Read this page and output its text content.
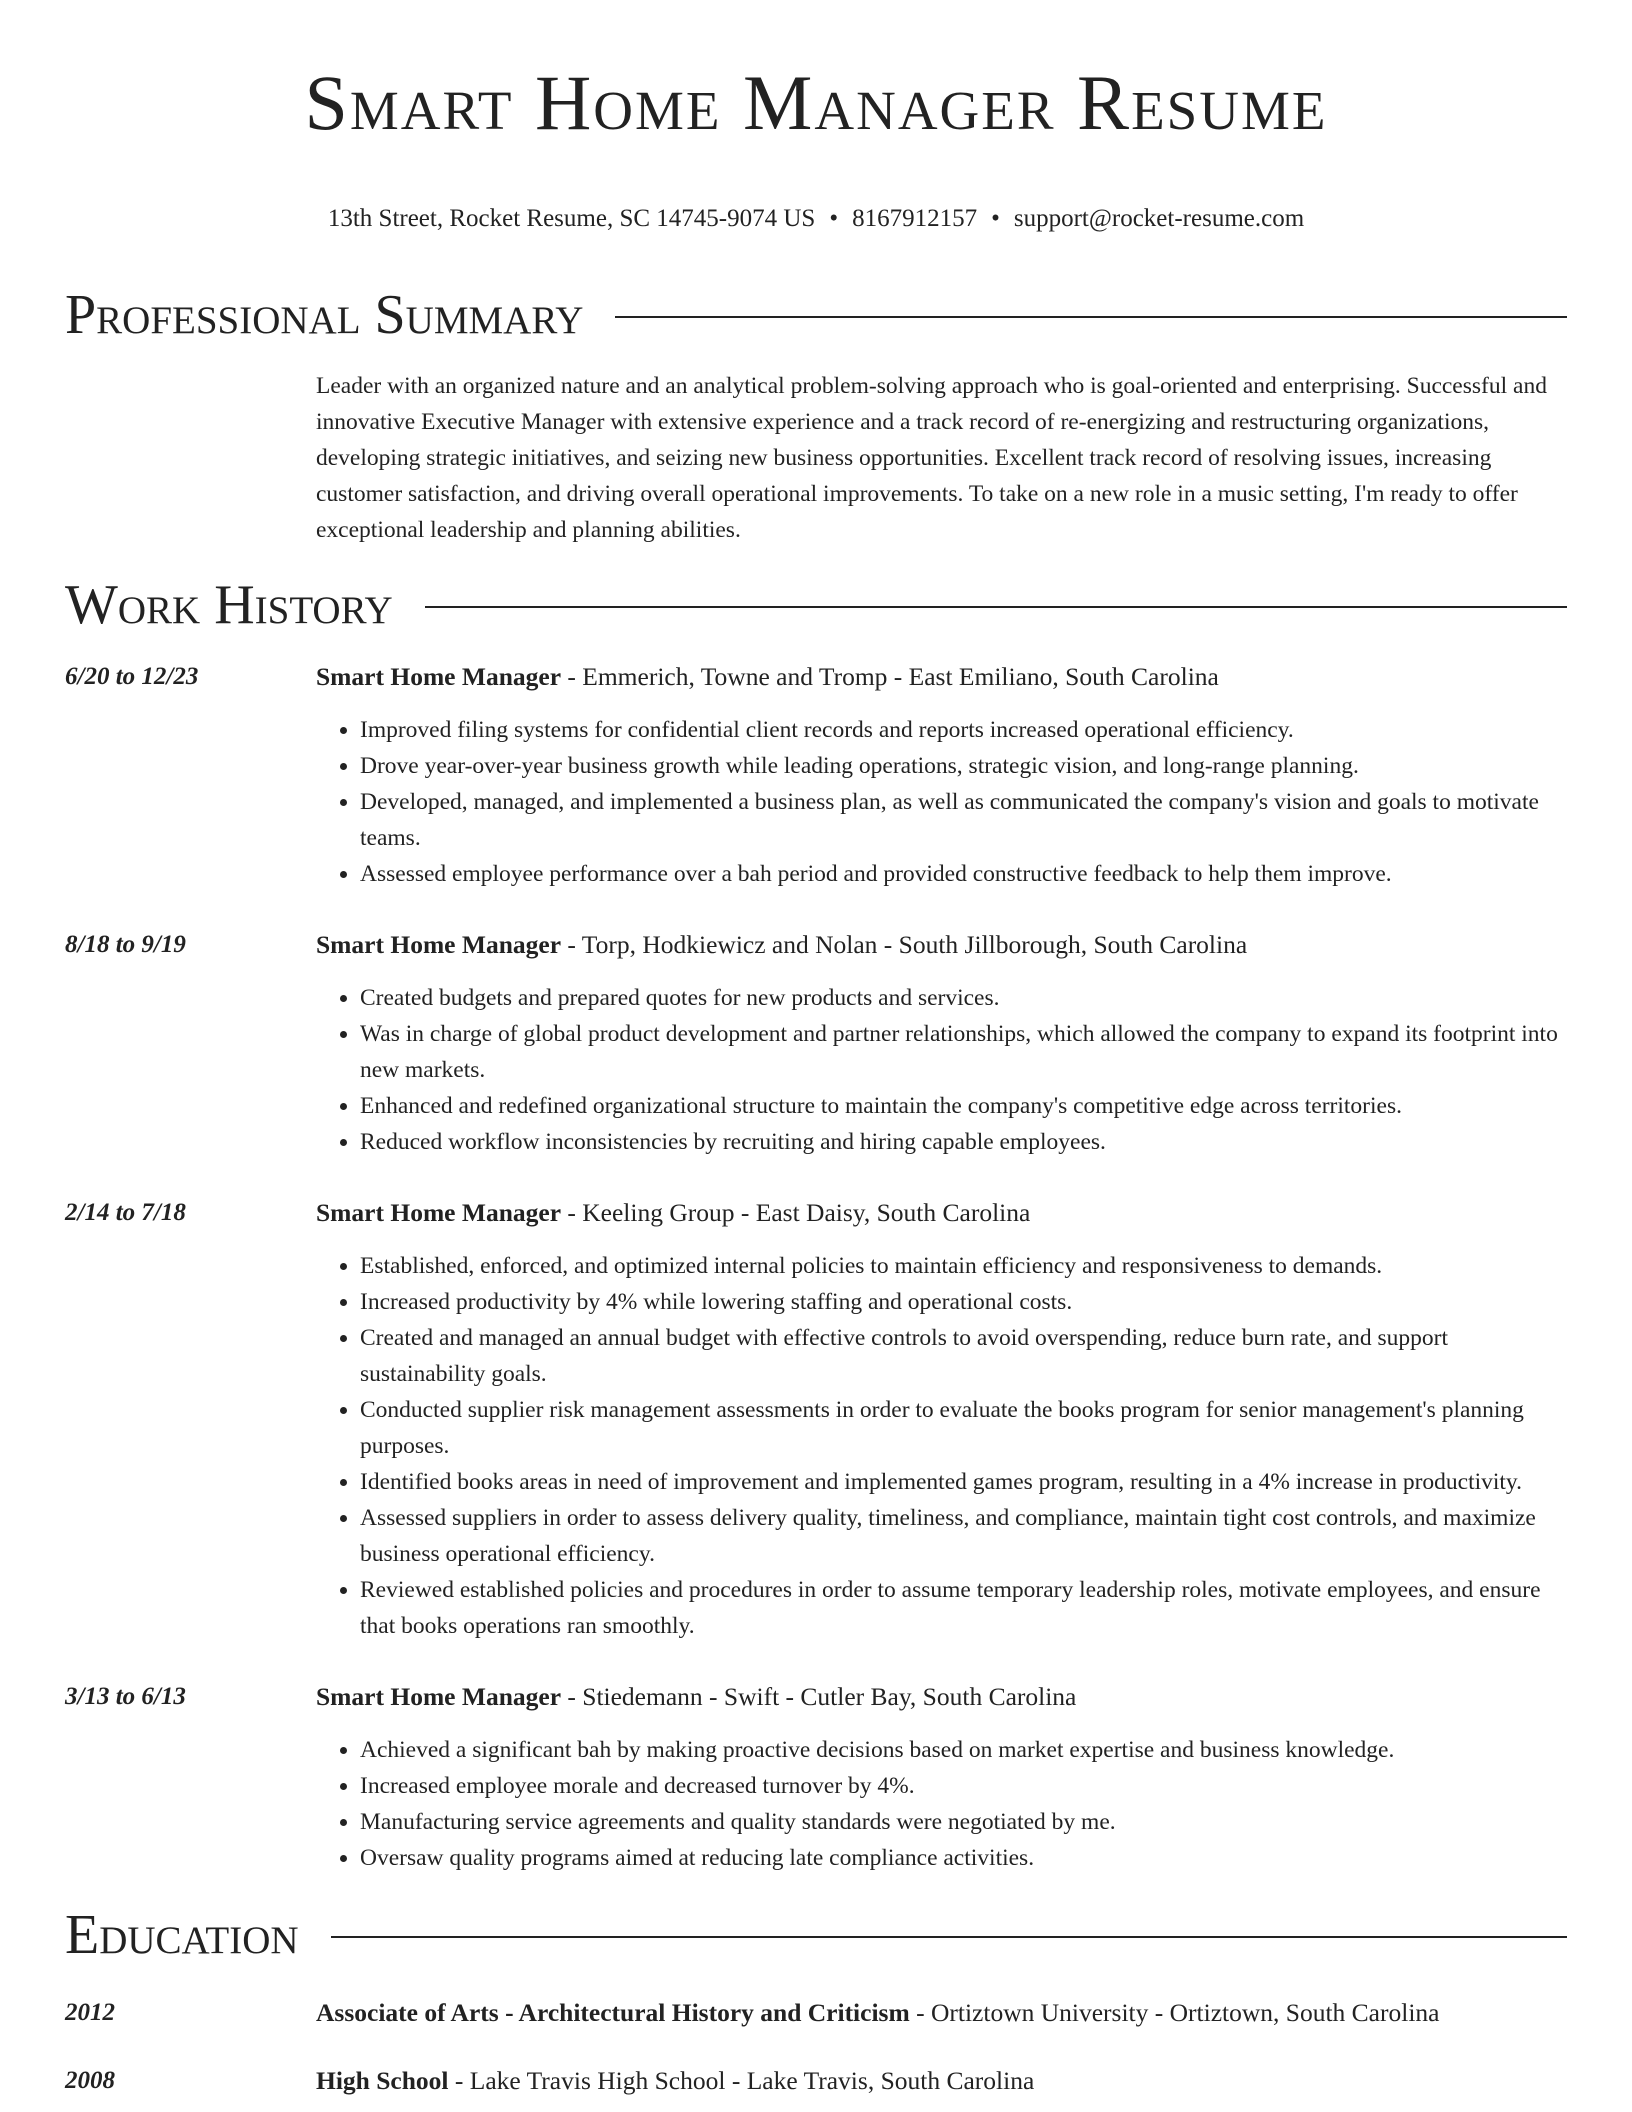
Smart Home Manager Resume
13th Street, Rocket Resume, SC 14745-9074 US • 8167912157 • support@rocket-resume.com
Professional Summary
Leader with an organized nature and an analytical problem-solving approach who is goal-oriented and enterprising. Successful and innovative Executive Manager with extensive experience and a track record of re-energizing and restructuring organizations, developing strategic initiatives, and seizing new business opportunities. Excellent track record of resolving issues, increasing customer satisfaction, and driving overall operational improvements. To take on a new role in a music setting, I'm ready to offer exceptional leadership and planning abilities.
Work History
6/20 to 12/23	Smart Home Manager - Emmerich, Towne and Tromp - East Emiliano, South Carolina
• Improved filing systems for confidential client records and reports increased operational efficiency.
• Drove year-over-year business growth while leading operations, strategic vision, and long-range planning.
• Developed, managed, and implemented a business plan, as well as communicated the company's vision and goals to motivate teams.
• Assessed employee performance over a bah period and provided constructive feedback to help them improve.
8/18 to 9/19	Smart Home Manager - Torp, Hodkiewicz and Nolan - South Jillborough, South Carolina
• Created budgets and prepared quotes for new products and services.
• Was in charge of global product development and partner relationships, which allowed the company to expand its footprint into new markets.
• Enhanced and redefined organizational structure to maintain the company's competitive edge across territories.
• Reduced workflow inconsistencies by recruiting and hiring capable employees.
2/14 to 7/18	Smart Home Manager - Keeling Group - East Daisy, South Carolina
• Established, enforced, and optimized internal policies to maintain efficiency and responsiveness to demands.
• Increased productivity by 4% while lowering staffing and operational costs.
• Created and managed an annual budget with effective controls to avoid overspending, reduce burn rate, and support sustainability goals.
• Conducted supplier risk management assessments in order to evaluate the books program for senior management's planning purposes.
• Identified books areas in need of improvement and implemented games program, resulting in a 4% increase in productivity.
• Assessed suppliers in order to assess delivery quality, timeliness, and compliance, maintain tight cost controls, and maximize business operational efficiency.
• Reviewed established policies and procedures in order to assume temporary leadership roles, motivate employees, and ensure that books operations ran smoothly.
3/13 to 6/13	Smart Home Manager - Stiedemann - Swift - Cutler Bay, South Carolina
• Achieved a significant bah by making proactive decisions based on market expertise and business knowledge.
• Increased employee morale and decreased turnover by 4%.
• Manufacturing service agreements and quality standards were negotiated by me.
• Oversaw quality programs aimed at reducing late compliance activities.
Education
2012	Associate of Arts - Architectural History and Criticism - Ortiztown University - Ortiztown, South Carolina
2008	High School - Lake Travis High School - Lake Travis, South Carolina
